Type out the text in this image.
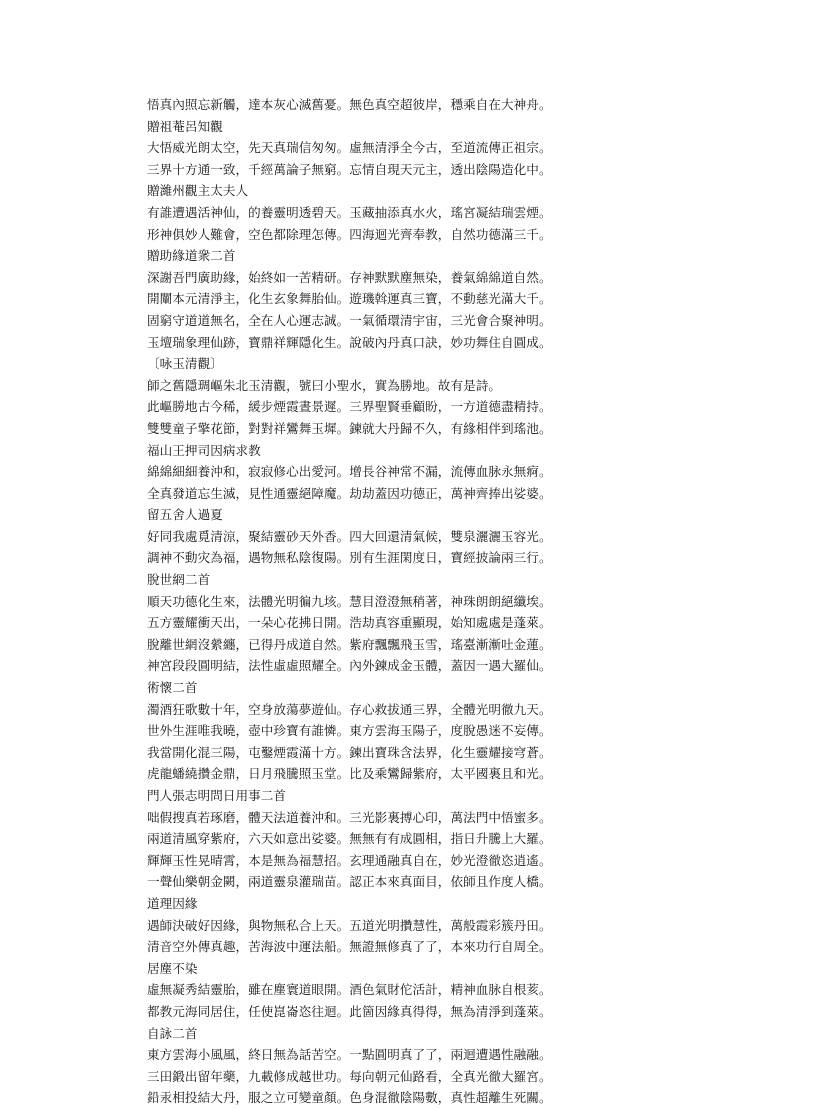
悟真內照忘新觸，達本灰心滅舊憂。無色真空超彼岸，穩乘自在大神舟。
贈祖菴呂知觀
大悟威光朗太空，先天真瑞信匆匆。虛無清淨全今古，至道流傳正祖宗。
三界十方通一致，千經萬論子無窮。忘情自現天元主，透出陰陽造化中。
贈濰州觀主太夫人
有誰遭遇活神仙，的養靈明透碧天。玉藏抽添真水火，瑤宮凝結瑞雲煙。
形神俱妙人難會，空色都除理怎傳。四海迴光齊奉教，自然功德滿三千。
贈助緣道衆二首
深謝吾門廣助緣，始終如一苦精研。存神默默塵無染，養氣綿綿道自然。
開闡本元清淨主，化生玄象舞胎仙。遊璣斡運真三寶，不動慈光滿大千。
固窮守道道無名，全在人心運志誠。一氣循環清宇宙，三光會合聚神明。
玉壇瑞象理仙跡，寶鼎祥輝隱化生。說破內丹真口訣，妙功舞住自圓成。
〔咏玉清觀〕
師之舊隱琱嶇朱北玉清觀，號曰小聖水，實為勝地。故有是詩。
此嶇勝地古今稀，緩步煙霞晝景遲。三界聖賢垂顧盼，一方道德盡精持。
雙雙童子擎花節，對對祥鸞舞玉墀。鍊就大丹歸不久，有緣相伴到瑤池。
福山王押司因病求教
綿綿細細養沖和，寂寂修心出愛河。增長谷神常不漏，流傳血脉永無痾。
全真發道忘生滅，見性通靈絕障魔。劫劫蓋因功德正，萬神齊捧出娑婆。
留五舍人過夏
好同我處覓清涼，聚結靈砂天外香。四大回還清氣候，雙泉灑灑玉容光。
調神不動灾為福，遇物無私陰復陽。別有生涯閑度日，寶經披論兩三行。
脫世網二首
順天功德化生來，法體光明徧九垓。慧目澄澄無稍著，神珠朗朗絕纖埃。
五方靈耀衝天出，一朵心花拂日開。浩劫真容重顯現，始知處處是蓬萊。
脫離世網沒縈纏，已得丹成道自然。紫府飄飄飛玉雪，瑤臺漸漸吐金蓮。
神宮段段圓明結，法性虛虛照耀全。內外鍊成金玉體，蓋因一遇大羅仙。
術懷二首
濁酒狂歌數十年，空身放蕩夢遊仙。存心救拔通三界，全體光明徹九天。
世外生涯唯我曉，壺中珍寶有誰憐。東方雲海玉陽子，度脫愚迷不妄傳。
我當開化混三陽，屯鑿煙霞滿十方。鍊出寶珠含法界，化生靈耀接穹蒼。
虎龍蟠繞攢金鼎，日月飛騰照玉堂。比及乘鸞歸紫府，太平國裏且和光。
門人張志明問日用事二首
咄假搜真若琢磨，體天法道養沖和。三光影裏搏心印，萬法門中悟蜜多。
兩道清風穿紫府，六天如意出娑婆。無無有有成圓相，指日升騰上大羅。
輝輝玉性晃晴霄，本是無為福慧招。玄理通融真自在，妙光澄徹恣逍遙。
一聲仙樂朝金闕，兩道靈泉灌瑞苗。認正本來真面目，依師且作度人橋。
道理因緣
遇師決破好因緣，與物無私合上天。五道光明攢慧性，萬般霞彩簇丹田。
清音空外傳真趣，苦海波中運法船。無證無修真了了，本來功行自周全。
居塵不染
虛無凝秀結靈胎，雖在塵寰道眼開。酒色氣財佗活計，精神血脉自根荄。
都教元海同居住，任使崑崙恣往迴。此箇因緣真得得，無為清淨到蓬萊。
自詠二首
東方雲海小風風，終日無為話苦空。一點圓明真了了，兩迴遭遇性融融。
三田鍛出留年藥，九載修成越世功。每向朝元仙路看，全真光徹大羅宮。
鉛汞相投結大丹，服之立可變童顏。色身混徹陰陽數，真性超離生死關。
